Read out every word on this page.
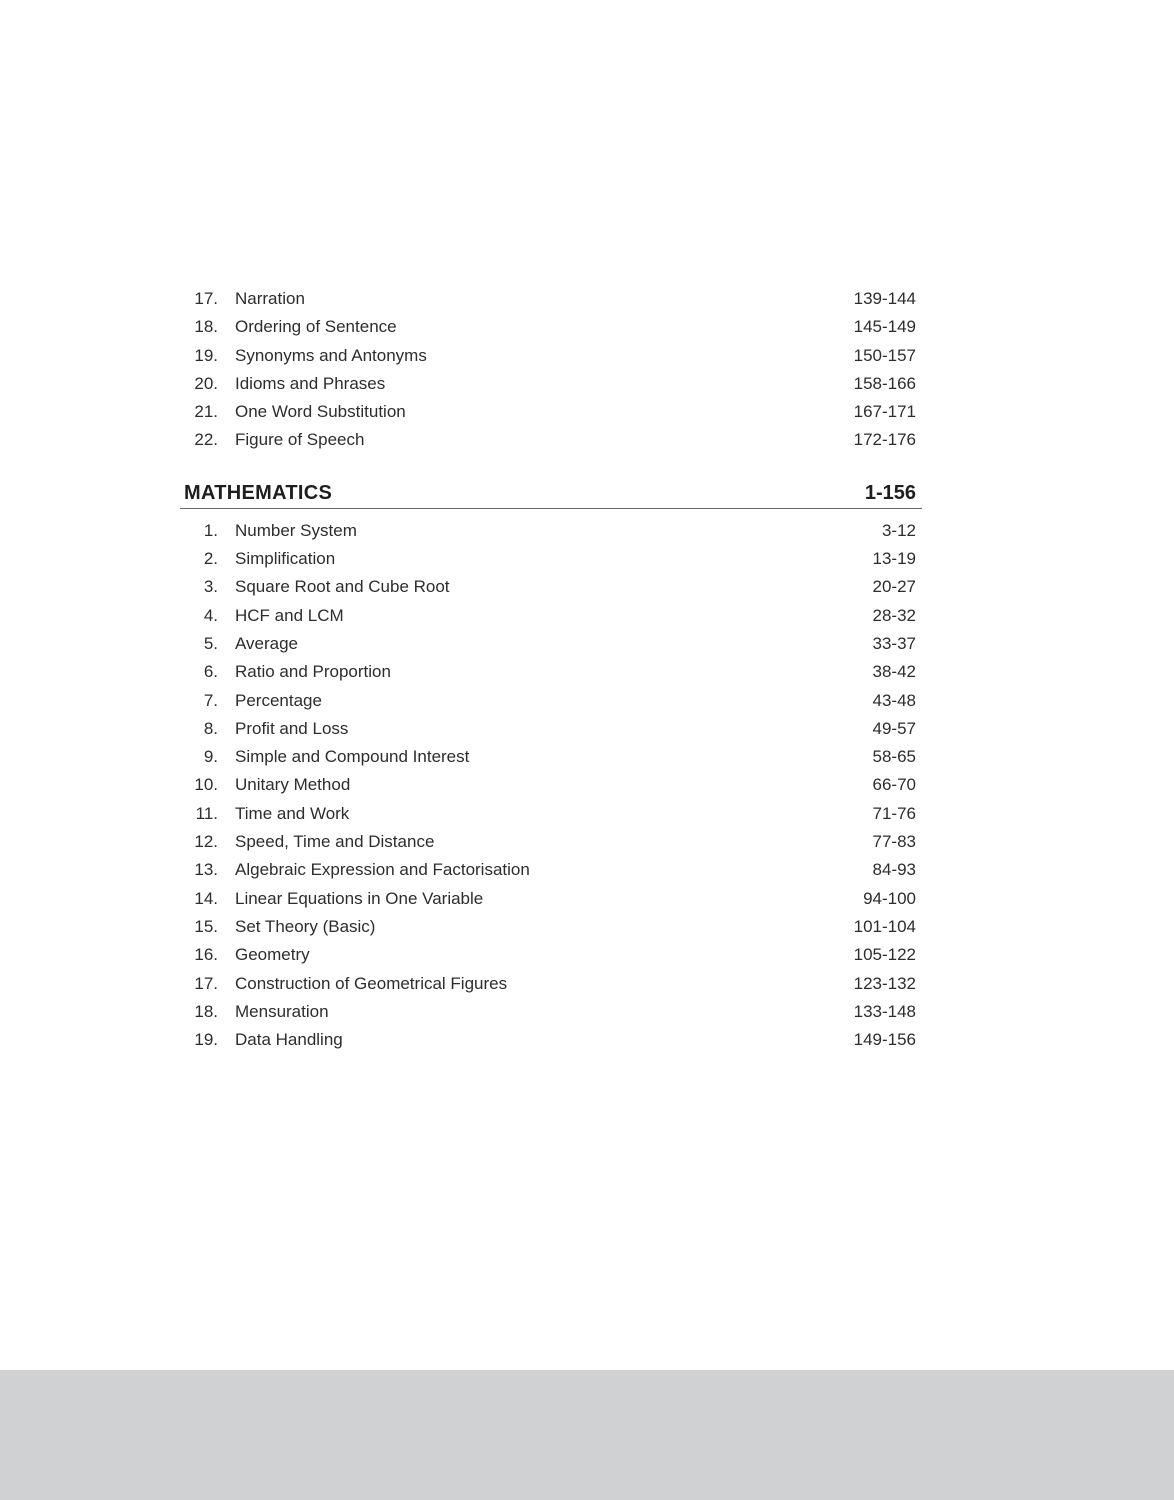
17. Narration	139-144
18. Ordering of Sentence	145-149
19. Synonyms and Antonyms	150-157
20. Idioms and Phrases	158-166
21. One Word Substitution	167-171
22. Figure of Speech	172-176
MATHEMATICS	1-156
1. Number System	3-12
2. Simplification	13-19
3. Square Root and Cube Root	20-27
4. HCF and LCM	28-32
5. Average	33-37
6. Ratio and Proportion	38-42
7. Percentage	43-48
8. Profit and Loss	49-57
9. Simple and Compound Interest	58-65
10. Unitary Method	66-70
11. Time and Work	71-76
12. Speed, Time and Distance	77-83
13. Algebraic Expression and Factorisation	84-93
14. Linear Equations in One Variable	94-100
15. Set Theory (Basic)	101-104
16. Geometry	105-122
17. Construction of Geometrical Figures	123-132
18. Mensuration	133-148
19. Data Handling	149-156
